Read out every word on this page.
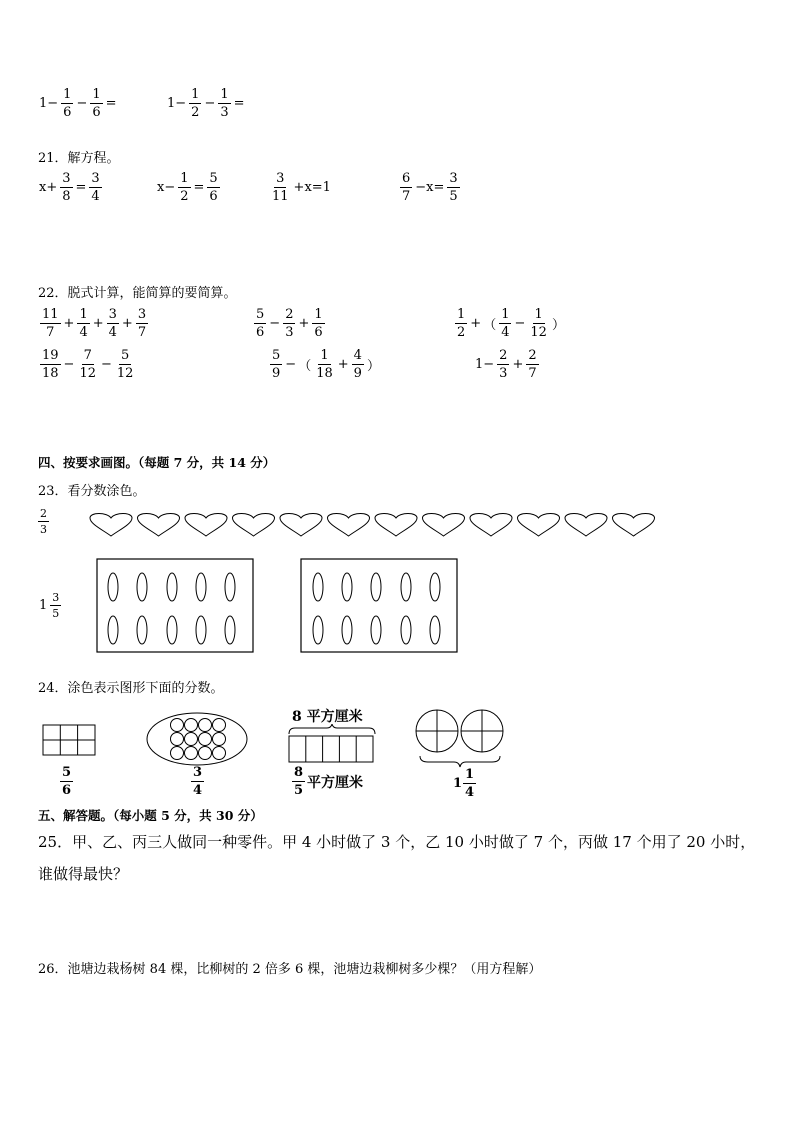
$1- \frac{1}{6} - \frac{1}{6}$ =	$1- \frac{1}{2} - \frac{1}{3}$ =
21．解方程。
$x+ \frac{3}{8} = \frac{3}{4}$	$x- \frac{1}{2} = \frac{5}{6}$	$\frac{3}{11} +x=1$	$\frac{6}{7} -x= \frac{3}{5}$
22．脱式计算，能简算的要简算。
$\frac{11}{7} + \frac{1}{4} + \frac{3}{4} + \frac{3}{7}$	$\frac{5}{6} - \frac{2}{3} + \frac{1}{6}$	$\frac{1}{2}$ + （ $\frac{1}{4} - \frac{1}{12}$ ）
$\frac{19}{18} - \frac{7}{12} - \frac{5}{12}$	$\frac{5}{9}$ − （ $\frac{1}{18} + \frac{4}{9}$ ）	$1- \frac{2}{3} + \frac{2}{7}$
四、按要求画图。（每题 7 分，共 14 分）
23．看分数涂色。
$\frac{2}{3}$
$1 \frac{3}{5}$
24．涂色表示图形下面的分数。
$\frac{5}{6}$	$\frac{3}{4}$
8 平方厘米
$\frac{8}{5}$ 平方厘米	$1 \frac{1}{4}$
五、解答题。（每小题 5 分，共 30 分）
25．甲、乙、丙三人做同一种零件。甲 4 小时做了 3 个，乙 10 小时做了 7 个，丙做 17 个用了 20 小时，谁做得最快？
26．池塘边栽杨树 84 棵，比柳树的 2 倍多 6 棵，池塘边栽柳树多少棵？（用方程解）
